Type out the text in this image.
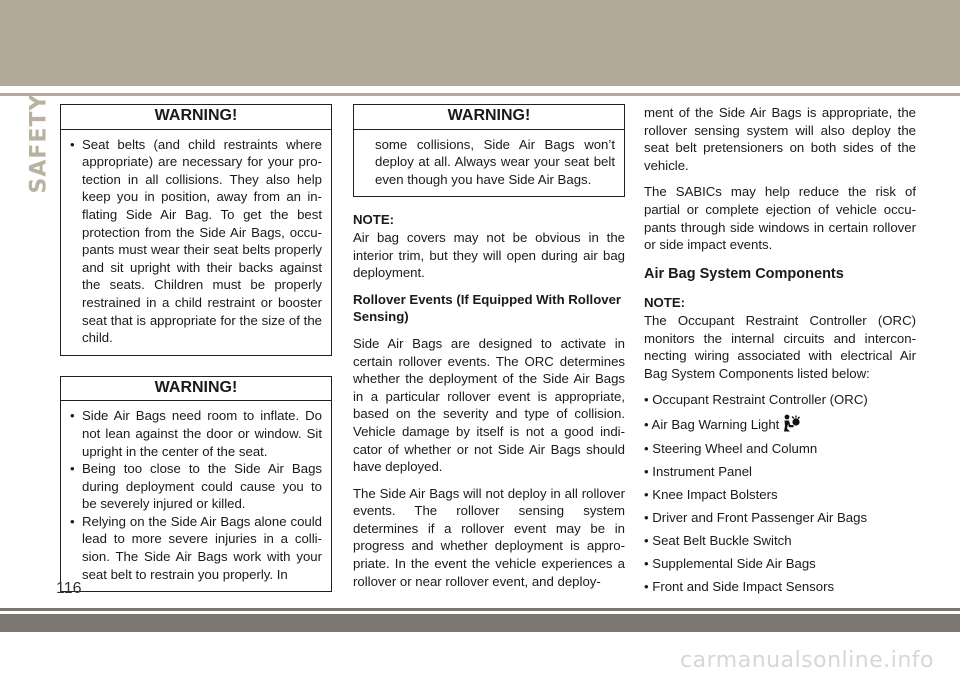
SAFETY	WARNING!
• Seat belts (and child restraints where appropriate) are necessary for your protection in all collisions. They also help keep you in position, away from an inflating Side Air Bag. To get the best protection from the Side Air Bags, occupants must wear their seat belts properly and sit upright with their backs against the seats. Children must be properly restrained in a child restraint or booster seat that is appropriate for the size of the child.
WARNING!
• Side Air Bags need room to inflate. Do not lean against the door or window. Sit upright in the center of the seat.
• Being too close to the Side Air Bags during deployment could cause you to be severely injured or killed.
• Relying on the Side Air Bags alone could lead to more severe injuries in a collision. The Side Air Bags work with your seat belt to restrain you properly. In
WARNING!

some collisions, Side Air Bags won’t deploy at all. Always wear your seat belt even though you have Side Air Bags.

NOTE:

Air bag covers may not be obvious in the interior trim, but they will open during air bag deployment.

Rollover Events (If Equipped With Rollover Sensing)

Side Air Bags are designed to activate in certain rollover events. The ORC determines whether the deployment of the Side Air Bags in a particular rollover event is appropriate, based on the severity and type of collision. Vehicle damage by itself is not a good indicator of whether or not Side Air Bags should have deployed.

The Side Air Bags will not deploy in all rollover events. The rollover sensing system determines if a rollover event may be in progress and whether deployment is appropriate. In the event the vehicle experiences a rollover or near rollover event, and deploy-

ment of the Side Air Bags is appropriate, the rollover sensing system will also deploy the seat belt pretensioners on both sides of the vehicle.

The SABICs may help reduce the risk of partial or complete ejection of vehicle occupants through side windows in certain rollover or side impact events.

Air Bag System Components

NOTE:

The Occupant Restraint Controller (ORC) monitors the internal circuits and interconnecting wiring associated with electrical Air Bag System Components listed below:

• Occupant Restraint Controller (ORC)

• Air Bag Warning Light

• Steering Wheel and Column

• Instrument Panel

• Knee Impact Bolsters

• Driver and Front Passenger Air Bags

• Seat Belt Buckle Switch

• Supplemental Side Air Bags

• Front and Side Impact Sensors

116
carmanualsonline.info
